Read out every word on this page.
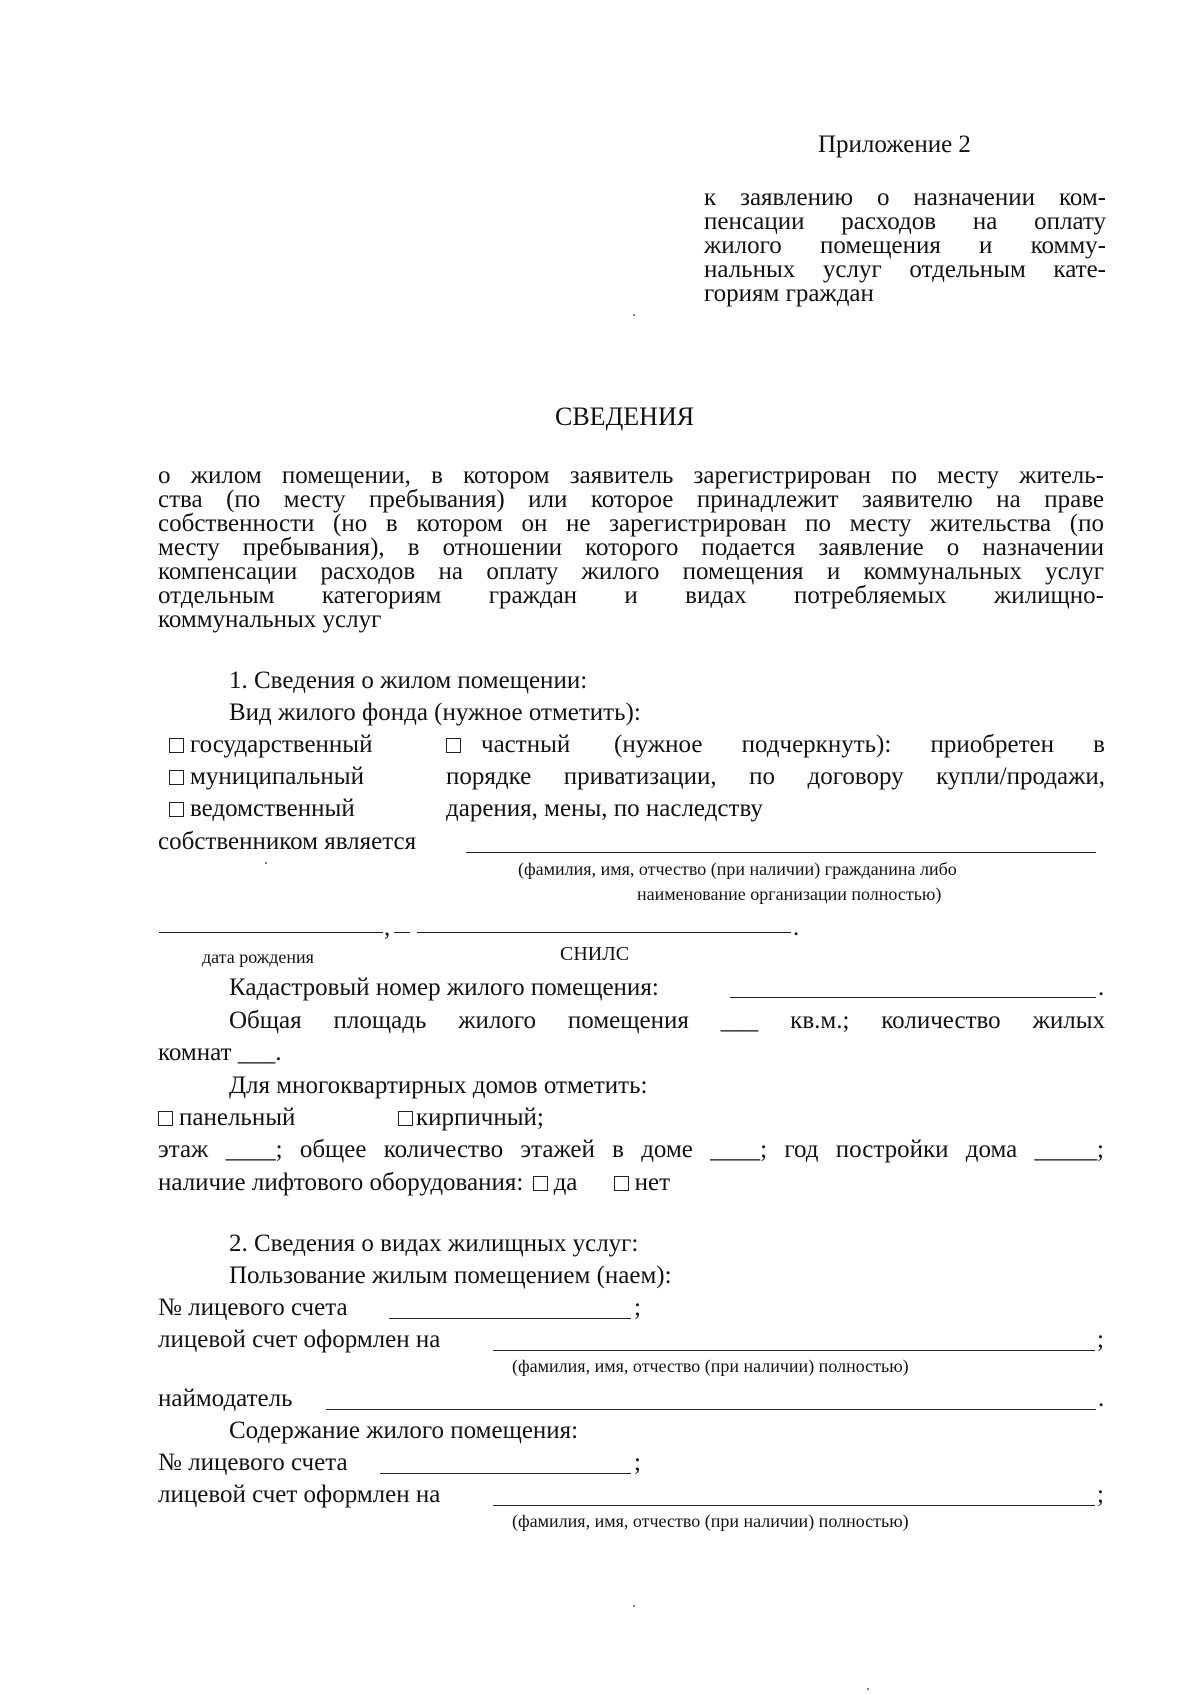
Приложение 2
к заявлению о назначении ком-
пенсации расходов на оплату
жилого помещения и комму-
нальных услуг отдельным кате-
гориям граждан
СВЕДЕНИЯ
о жилом помещении, в котором заявитель зарегистрирован по месту житель-
ства (по месту пребывания) или которое принадлежит заявителю на праве
собственности (но в котором он не зарегистрирован по месту жительства (по
месту пребывания), в отношении которого подается заявление о назначении
компенсации расходов на оплату жилого помещения и коммунальных услуг
отдельным категориям граждан и видах потребляемых жилищно-
коммунальных услуг
1. Сведения о жилом помещении:
Вид жилого фонда (нужное отметить):
государственный
муниципальный
ведомственный
частный (нужное подчеркнуть): приобретен в
порядке приватизации, по договору купли/продажи,
дарения, мены, по наследству
собственником является
(фамилия, имя, отчество (при наличии) гражданина либо
наименование организации полностью)
,	.
дата рождения	СНИЛС
Кадастровый номер жилого помещения:	.
Общая площадь жилого помещения ___ кв.м.; количество жилых
комнат ___.
Для многоквартирных домов отметить:
панельный	кирпичный;
этаж ____; общее количество этажей в доме ____; год постройки дома _____;
наличие лифтового оборудования: да нет
2. Сведения о видах жилищных услуг:
Пользование жилым помещением (наем):
№ лицевого счета	;
лицевой счет оформлен на	;
(фамилия, имя, отчество (при наличии) полностью)
наймодатель	.
Содержание жилого помещения:
№ лицевого счета	;
лицевой счет оформлен на	;
(фамилия, имя, отчество (при наличии) полностью)
